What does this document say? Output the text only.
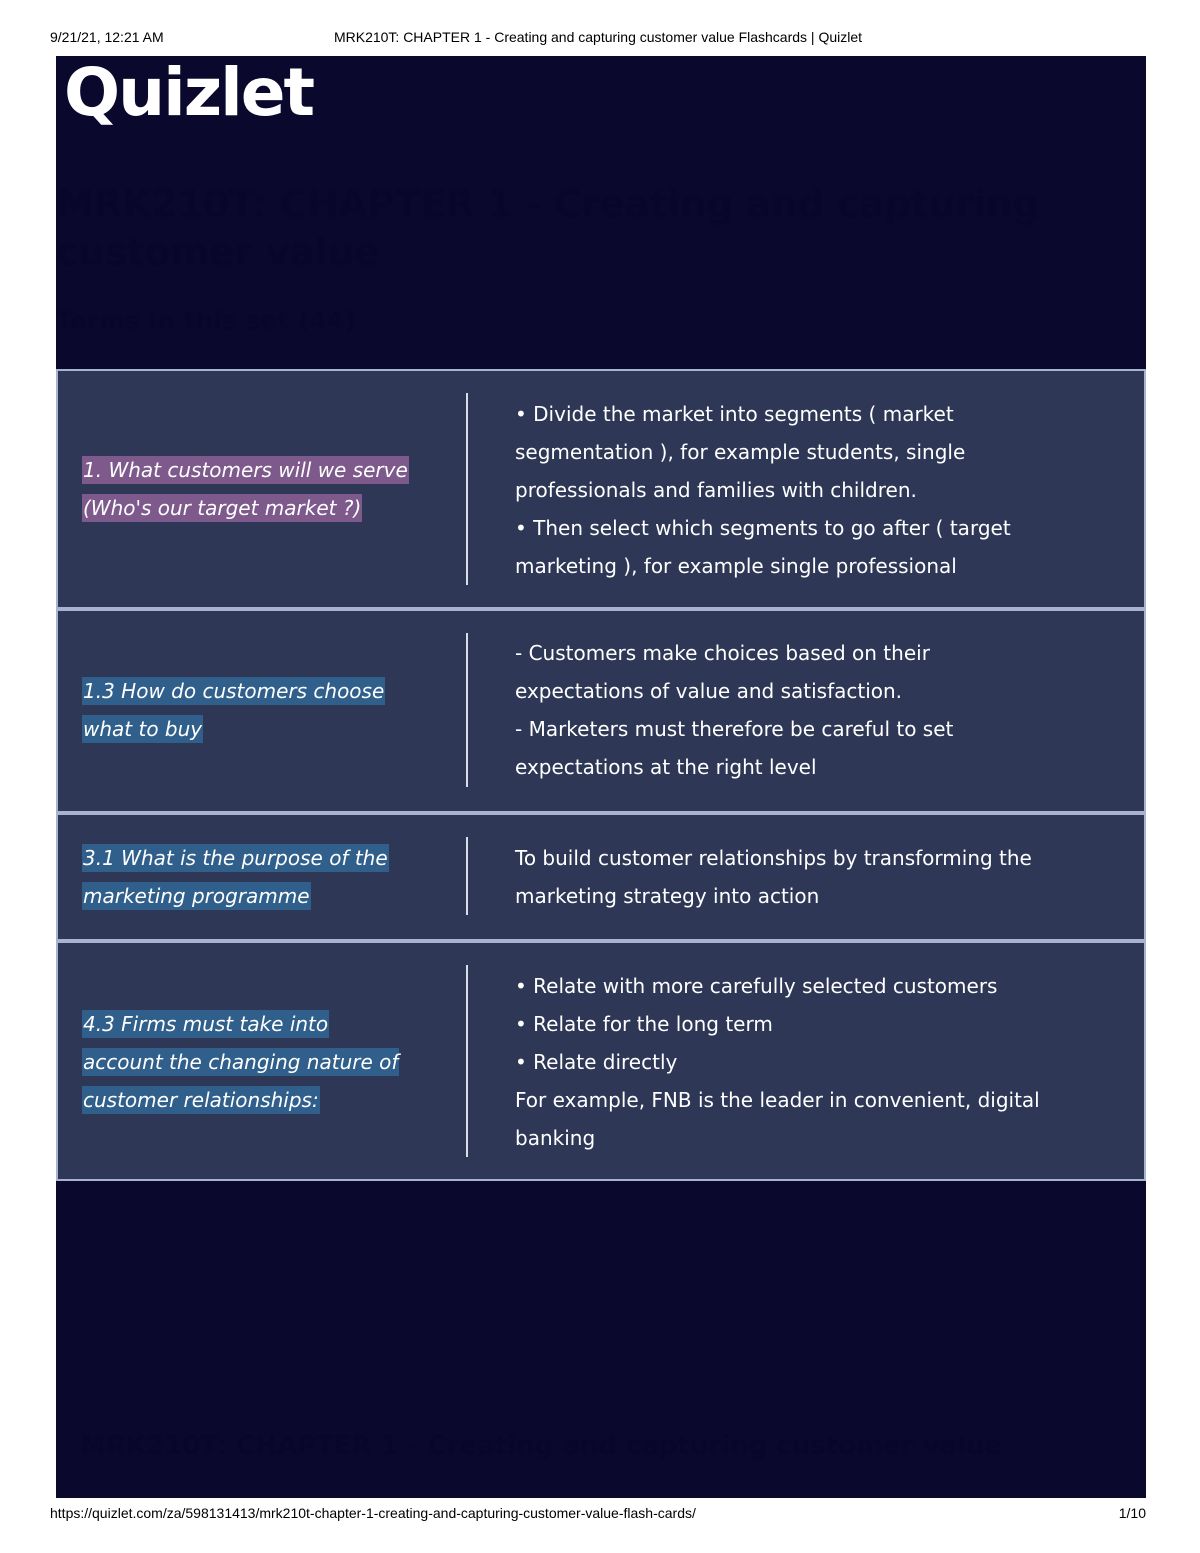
9/21/21, 12:21 AM	MRK210T: CHAPTER 1 - Creating and capturing customer value Flashcards | Quizlet
Quizlet
MRK210T: CHAPTER 1 - Creating and capturing customer value
Terms in this set (44)
1. What customers will we serve
(Who's our target market ?)
• Divide the market into segments ( market
segmentation ), for example students, single
professionals and families with children.
• Then select which segments to go after ( target
marketing ), for example single professional
1.3 How do customers choose
what to buy
- Customers make choices based on their
expectations of value and satisfaction.
- Marketers must therefore be careful to set
expectations at the right level
3.1 What is the purpose of the
marketing programme
To build customer relationships by transforming the
marketing strategy into action
4.3 Firms must take into
account the changing nature of
customer relationships:
• Relate with more carefully selected customers
• Relate for the long term
• Relate directly
For example, FNB is the leader in convenient, digital
banking
MRK210T: CHAPTER 1 - Creating and capturing customer value
https://quizlet.com/za/598131413/mrk210t-chapter-1-creating-and-capturing-customer-value-flash-cards/	1/10
